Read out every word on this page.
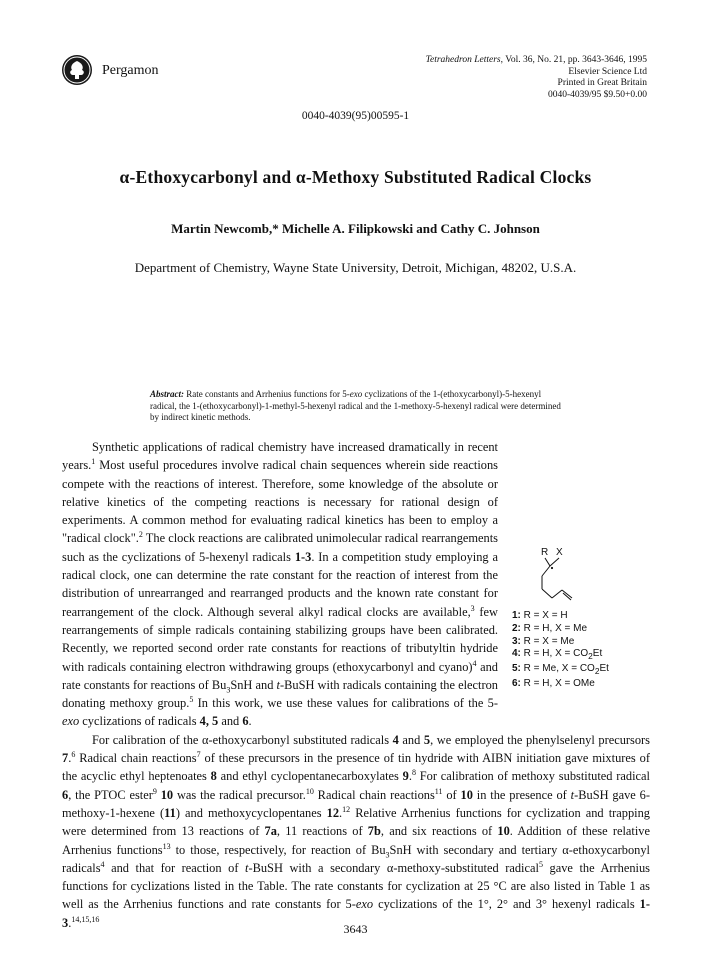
Pergamon
Tetrahedron Letters, Vol. 36, No. 21, pp. 3643-3646, 1995
Elsevier Science Ltd
Printed in Great Britain
0040-4039/95 $9.50+0.00
0040-4039(95)00595-1
α-Ethoxycarbonyl and α-Methoxy Substituted Radical Clocks
Martin Newcomb,* Michelle A. Filipkowski and Cathy C. Johnson
Department of Chemistry, Wayne State University, Detroit, Michigan, 48202, U.S.A.
Abstract: Rate constants and Arrhenius functions for 5-exo cyclizations of the 1-(ethoxycarbonyl)-5-hexenyl radical, the 1-(ethoxycarbonyl)-1-methyl-5-hexenyl radical and the 1-methoxy-5-hexenyl radical were determined by indirect kinetic methods.
R X
1: R = X = H
2: R = H, X = Me
3: R = X = Me
4: R = H, $X = CO_2Et$
5: R = Me, $X = CO_2Et$
6: R = H, X = OMe

Synthetic applications of radical chemistry have increased dramatically in recent years.$^1$ Most useful procedures involve radical chain sequences wherein side reactions compete with the reactions of interest. Therefore, some knowledge of the absolute or relative kinetics of the competing reactions is necessary for rational design of experiments. A common method for evaluating radical kinetics has been to employ a "radical clock".$^2$ The clock reactions are calibrated unimolecular radical rearrangements such as the cyclizations of 5-hexenyl radicals 1-3. In a competition study employing a radical clock, one can determine the rate constant for the reaction of interest from the distribution of unrearranged and rearranged products and the known rate constant for rearrangement of the clock. Although several alkyl radical clocks are available,$^3$ few rearrangements of simple radicals containing stabilizing groups have been calibrated. Recently, we reported second order rate constants for reactions of tributyltin hydride with radicals containing electron withdrawing groups (ethoxycarbonyl and cyano)$^4$ and rate constants for reactions of $Bu_3SnH$ and t-BuSH with radicals containing the electron donating methoxy group.$^5$ In this work, we use these values for calibrations of the 5-exo cyclizations of radicals 4, 5 and 6.

For calibration of the α-ethoxycarbonyl substituted radicals 4 and 5, we employed the phenylselenyl precursors 7.$^6$ Radical chain reactions$^7$ of these precursors in the presence of tin hydride with AIBN initiation gave mixtures of the acyclic ethyl heptenoates 8 and ethyl cyclopentanecarboxylates 9.$^8$ For calibration of methoxy substituted radical 6, the PTOC ester$^9$ 10 was the radical precursor.$^{10}$ Radical chain reactions$^{11}$ of 10 in the presence of t-BuSH gave 6-methoxy-1-hexene (11) and methoxycyclopentanes 12.12 Relative Arrhenius functions for cyclization and trapping were determined from 13 reactions of 7a, 11 reactions of 7b, and six reactions of 10. Addition of these relative Arrhenius functions$^{13}$ to those, respectively, for reaction of $Bu_3SnH$ with secondary and tertiary α-ethoxycarbonyl radicals$^4$ and that for reaction of t-BuSH with a secondary α-methoxy-substituted radical$^5$ gave the Arrhenius functions for cyclizations listed in the Table. The rate constants for cyclization at 25 °C are also listed in Table 1 as well as the Arrhenius functions and rate constants for 5-exo cyclizations of the 1°, 2° and 3° hexenyl radicals 1-3.$^{14,15,16}$

3643
